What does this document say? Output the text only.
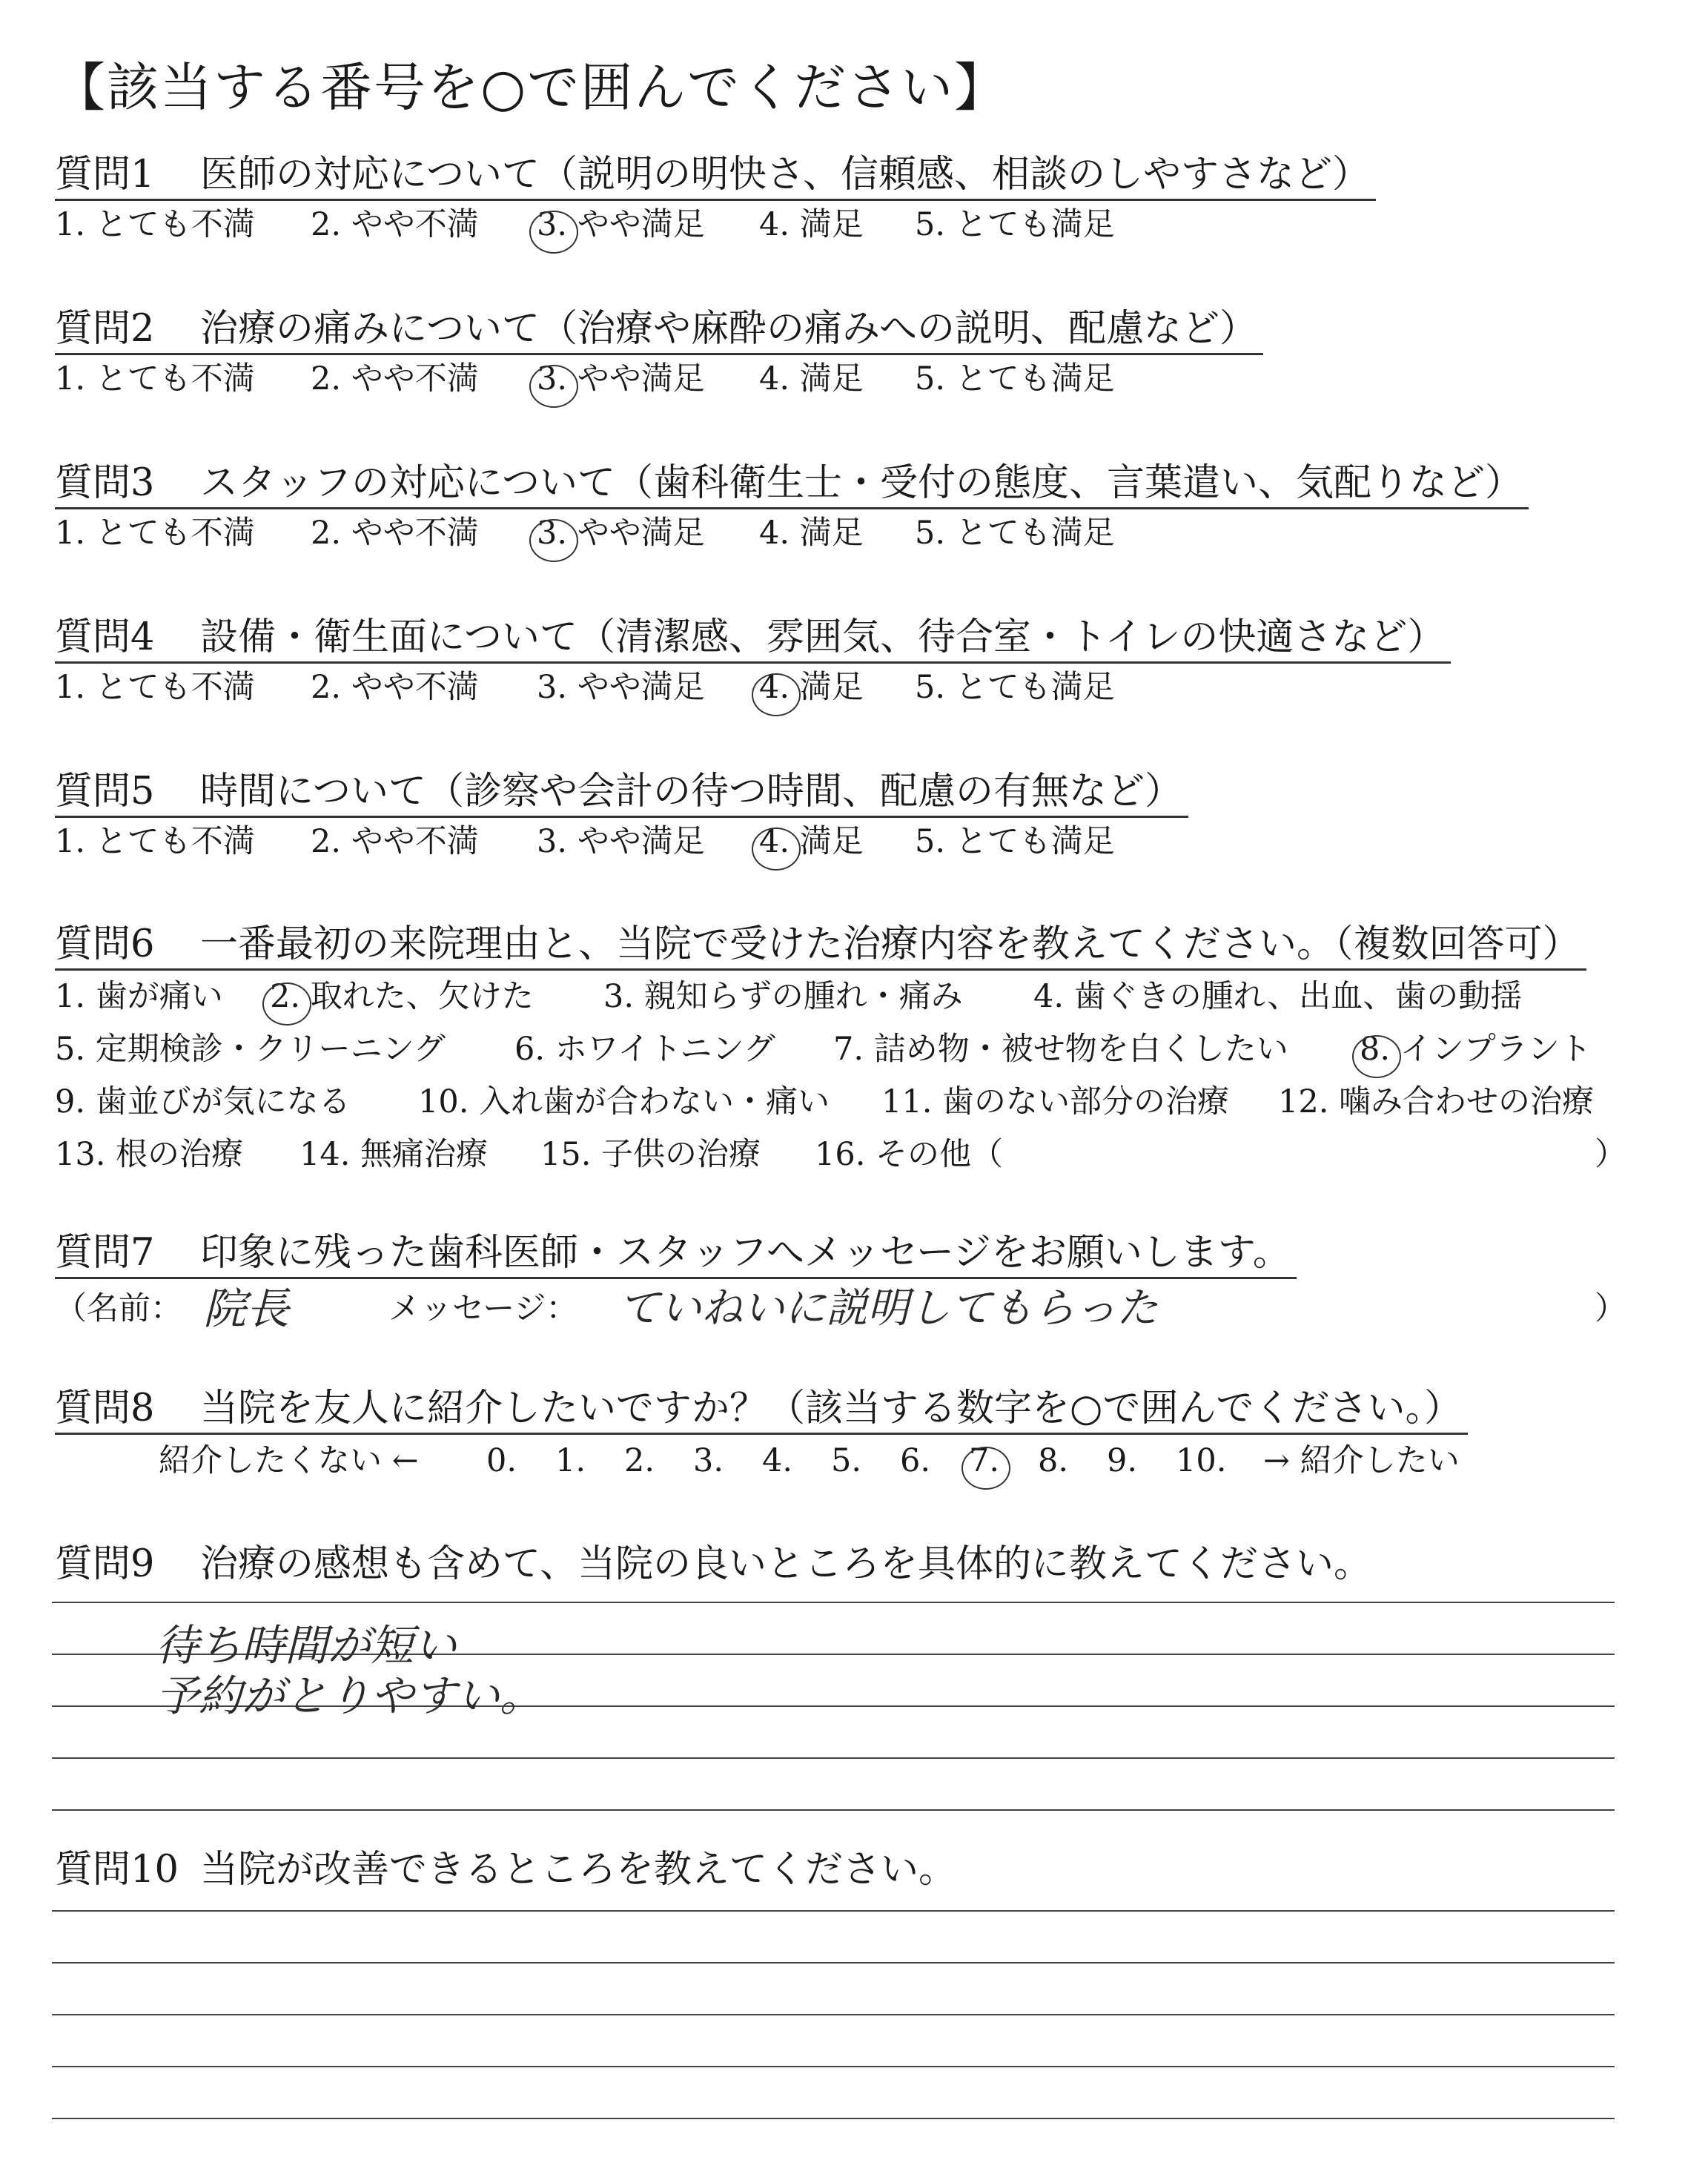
【該当する番号を○で囲んでください】
質問1 医師の対応について（説明の明快さ、信頼感、相談のしやすさなど）
1. とても不満 2. やや不満 3. やや満足 4. 満足 5. とても満足
質問2 治療の痛みについて（治療や麻酔の痛みへの説明、配慮など）
1. とても不満 2. やや不満 3. やや満足 4. 満足 5. とても満足
質問3 スタッフの対応について（歯科衛生士・受付の態度、言葉遣い、気配りなど）
1. とても不満 2. やや不満 3. やや満足 4. 満足 5. とても満足
質問4 設備・衛生面について（清潔感、雰囲気、待合室・トイレの快適さなど）
1. とても不満 2. やや不満 3. やや満足 4. 満足 5. とても満足
質問5 時間について（診察や会計の待つ時間、配慮の有無など）
1. とても不満 2. やや不満 3. やや満足 4. 満足 5. とても満足
質問6 一番最初の来院理由と、当院で受けた治療内容を教えてください。（複数回答可）
1. 歯が痛い 2. 取れた、欠けた 3. 親知らずの腫れ・痛み 4. 歯ぐきの腫れ、出血、歯の動揺
5. 定期検診・クリーニング 6. ホワイトニング 7. 詰め物・被せ物を白くしたい 8. インプラント
9. 歯並びが気になる 10. 入れ歯が合わない・痛い 11. 歯のない部分の治療 12. 噛み合わせの治療
13. 根の治療 14. 無痛治療 15. 子供の治療 16. その他（	）
質問7 印象に残った歯科医師・スタッフへメッセージをお願いします。
（名前： 院長	メッセージ： ていねいに説明してもらった	）
質問8 当院を友人に紹介したいですか？（該当する数字を○で囲んでください。）
紹介したくない ← 0. 1. 2. 3. 4. 5. 6. 7. 8. 9. 10. → 紹介したい
質問9 治療の感想も含めて、当院の良いところを具体的に教えてください。
待ち時間が短い
予約がとりやすい。
質問10 当院が改善できるところを教えてください。
